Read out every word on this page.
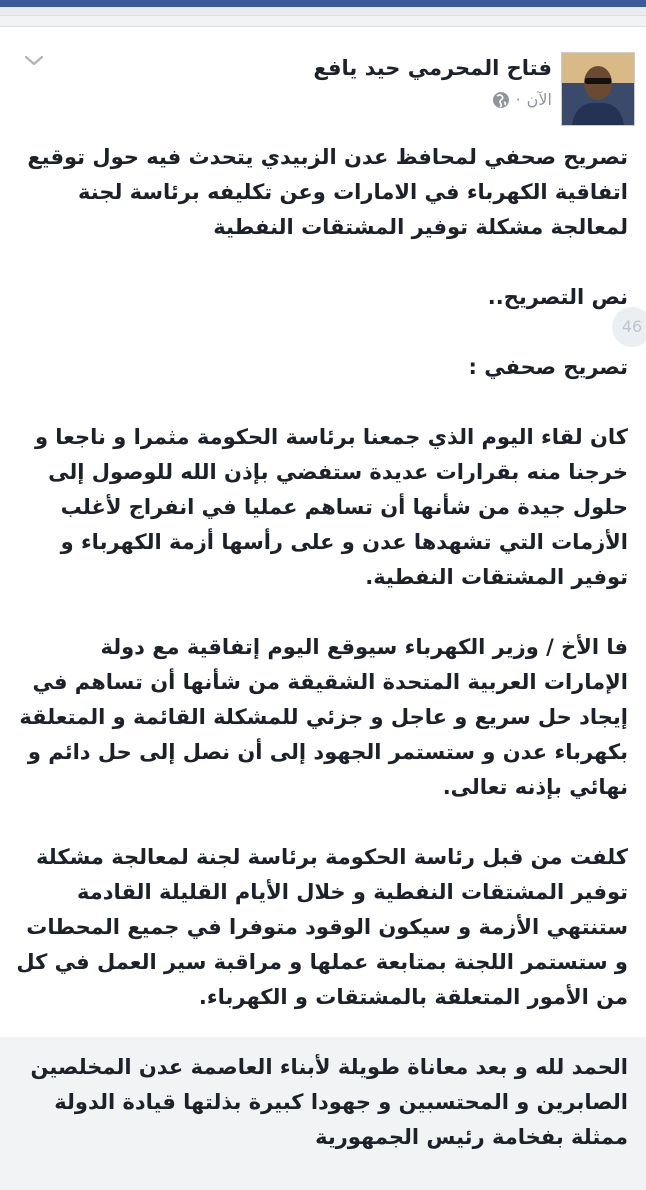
فتاح المحرمي حيد يافع
الآن
·

تصريح صحفي لمحافظ عدن الزبيدي يتحدث فيه حول توقيع اتفاقية الكهرباء في الامارات وعن تكليفه برئاسة لجنة لمعالجة مشكلة توفير المشتقات النفطية

نص التصريح..

تصريح صحفي :

كان لقاء اليوم الذي جمعنا برئاسة الحكومة مثمرا و ناجعا و خرجنا منه بقرارات عديدة ستفضي بإذن الله للوصول إلى حلول جيدة من شأنها أن تساهم عمليا في انفراج لأغلب الأزمات التي تشهدها عدن و على رأسها أزمة الكهرباء و توفير المشتقات النفطية.

فا الأخ / وزير الكهرباء سيوقع اليوم إتفاقية مع دولة الإمارات العربية المتحدة الشقيقة من شأنها أن تساهم في إيجاد حل سريع و عاجل و جزئي للمشكلة القائمة و المتعلقة بكهرباء عدن و ستستمر الجهود إلى أن نصل إلى حل دائم و نهائي بإذنه تعالى.

كلفت من قبل رئاسة الحكومة برئاسة لجنة لمعالجة مشكلة توفير المشتقات النفطية و خلال الأيام القليلة القادمة ستنتهي الأزمة و سيكون الوقود متوفرا في جميع المحطات و ستستمر اللجنة بمتابعة عملها و مراقبة سير العمل في كل من الأمور المتعلقة بالمشتقات و الكهرباء.

الحمد لله و بعد معاناة طويلة لأبناء العاصمة عدن المخلصين الصابرين و المحتسبين و جهودا كبيرة بذلتها قيادة الدولة ممثلة بفخامة رئيس الجمهورية

46
